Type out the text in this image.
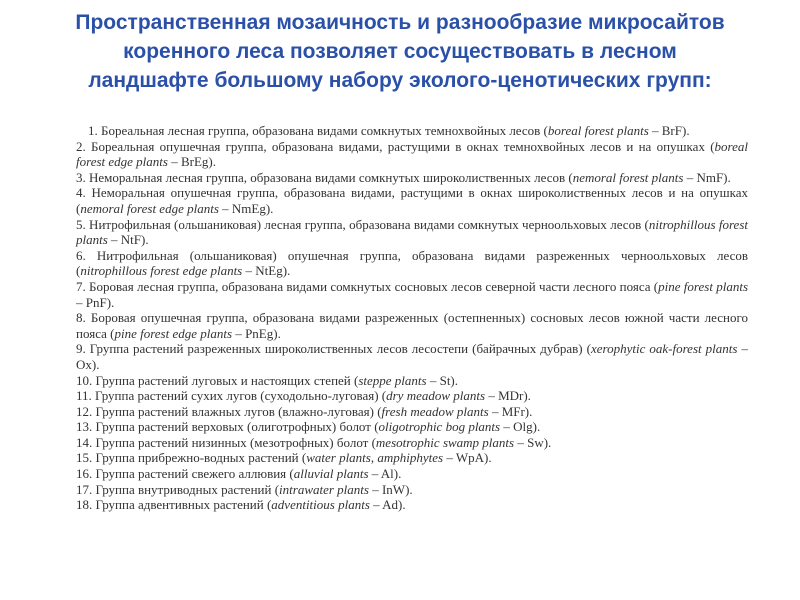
Пространственная мозаичность и разнообразие микросайтов
коренного леса позволяет сосуществовать в лесном
ландшафте большому набору эколого-ценотических групп:
1. Бореальная лесная группа, образована видами сомкнутых темнохвойных лесов (boreal forest plants – BrF).
2. Бореальная опушечная группа, образована видами, растущими в окнах темнохвойных лесов и на опушках (boreal forest edge plants – BrEg).
3. Неморальная лесная группа, образована видами сомкнутых широколиственных лесов (nemoral forest plants – NmF).
4. Неморальная опушечная группа, образована видами, растущими в окнах широколиственных лесов и на опушках (nemoral forest edge plants – NmEg).
5. Нитрофильная (ольшаниковая) лесная группа, образована видами сомкнутых черноольховых лесов (nitrophillous forest plants – NtF).
6. Нитрофильная (ольшаниковая) опушечная группа, образована видами разреженных черноольховых лесов (nitrophillous forest edge plants – NtEg).
7. Боровая лесная группа, образована видами сомкнутых сосновых лесов северной части лесного пояса (pine forest plants – PnF).
8. Боровая опушечная группа, образована видами разреженных (остепненных) сосновых лесов южной части лесного пояса (pine forest edge plants – PnEg).
9. Группа растений разреженных широколиственных лесов лесостепи (байрачных дубрав) (xerophytic oak-forest plants – Ox).
10. Группа растений луговых и настоящих степей (steppe plants – St).
11. Группа растений сухих лугов (суходольно-луговая) (dry meadow plants – MDr).
12. Группа растений влажных лугов (влажно-луговая) (fresh meadow plants – MFr).
13. Группа растений верховых (олиготрофных) болот (oligotrophic bog plants – Olg).
14. Группа растений низинных (мезотрофных) болот (mesotrophic swamp plants – Sw).
15. Группа прибрежно-водных растений (water plants, amphiphytes – WpA).
16. Группа растений свежего аллювия (alluvial plants – Al).
17. Группа внутриводных растений (intrawater plants – InW).
18. Группа адвентивных растений (adventitious plants – Ad).
